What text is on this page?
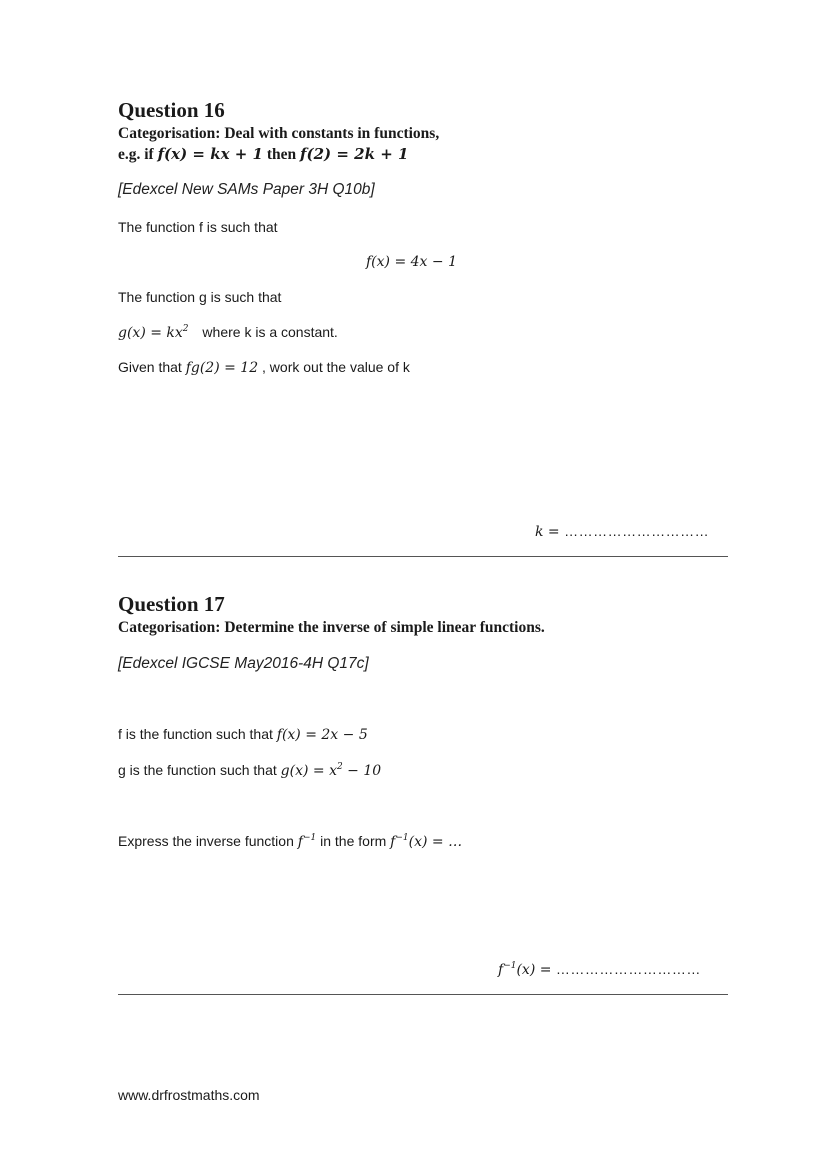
Question 16
Categorisation: Deal with constants in functions,
e.g. if f(x) = kx + 1 then f(2) = 2k + 1
[Edexcel New SAMs Paper 3H Q10b]
The function f is such that
f(x) = 4x − 1
The function g is such that
$g(x) = kx^2$ where k is a constant.
Given that fg(2) = 12 , work out the value of k
k = …………………………
Question 17
Categorisation: Determine the inverse of simple linear functions.
[Edexcel IGCSE May2016-4H Q17c]
f is the function such that f(x) = 2x − 5
g is the function such that $g(x) = x^2 - 10$
Express the inverse function $f^{-1}$ in the form $f^{-1}(x)$ = …
$f^{-1}(x)$ = …………………………
www.drfrostmaths.com
